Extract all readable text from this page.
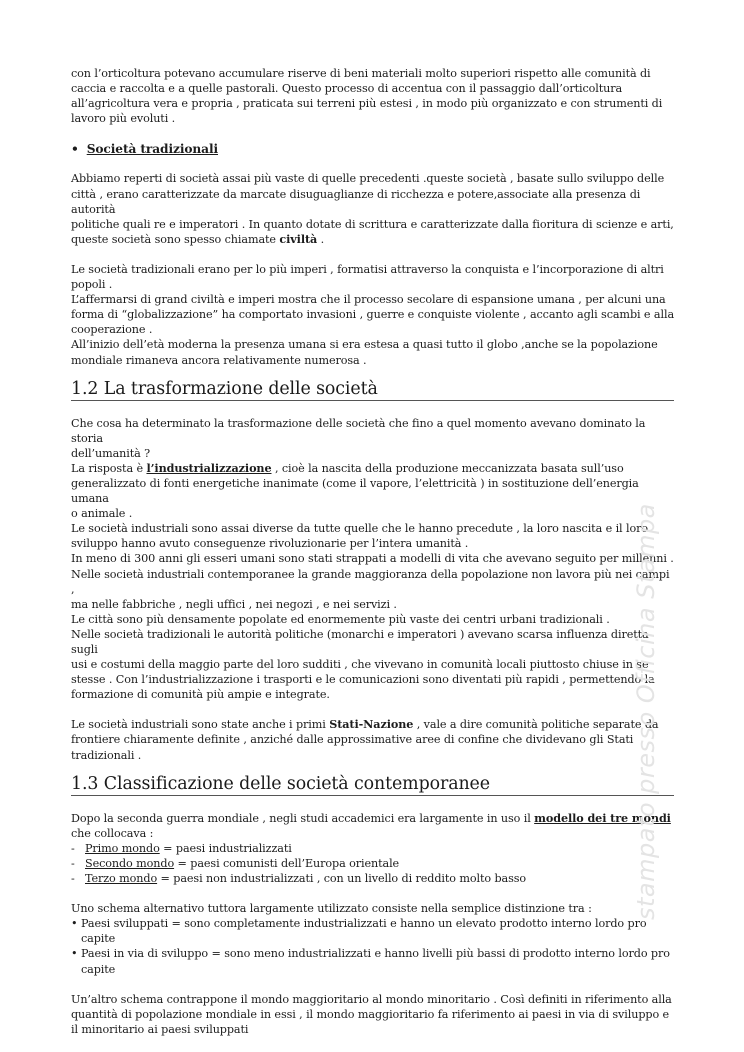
con l’orticoltura potevano accumulare riserve di beni materiali molto superiori rispetto alle comunità di

caccia e raccolta e a quelle pastorali. Questo processo di accentua con il passaggio dall’orticoltura

all’agricoltura vera e propria , praticata sui terreni più estesi , in modo più organizzato e con strumenti di

lavoro più evoluti .

• Società tradizionali

Abbiamo reperti di società assai più vaste di quelle precedenti .queste società , basate sullo sviluppo delle

città , erano caratterizzate da marcate disuguaglianze di ricchezza e potere,associate alla presenza di autorità

politiche quali re e imperatori . In quanto dotate di scrittura e caratterizzate dalla fioritura di scienze e arti,

queste società sono spesso chiamate civiltà .

Le società tradizionali erano per lo più imperi , formatisi attraverso la conquista e l’incorporazione di altri

popoli .

L’affermarsi di grand civiltà e imperi mostra che il processo secolare di espansione umana , per alcuni una

forma di “globalizzazione” ha comportato invasioni , guerre e conquiste violente , accanto agli scambi e alla

cooperazione .

All’inizio dell’età moderna la presenza umana si era estesa a quasi tutto il globo ,anche se la popolazione

mondiale rimaneva ancora relativamente numerosa .

1.2 La trasformazione delle società

Che cosa ha determinato la trasformazione delle società che fino a quel momento avevano dominato la storia

dell’umanità ?

La risposta è l’industrializzazione , cioè la nascita della produzione meccanizzata basata sull’uso

generalizzato di fonti energetiche inanimate (come il vapore, l’elettricità ) in sostituzione dell’energia umana

o animale .

Le società industriali sono assai diverse da tutte quelle che le hanno precedute , la loro nascita e il loro

sviluppo hanno avuto conseguenze rivoluzionarie per l’intera umanità .

In meno di 300 anni gli esseri umani sono stati strappati a modelli di vita che avevano seguito per millenni .

Nelle società industriali contemporanee la grande maggioranza della popolazione non lavora più nei campi ,

ma nelle fabbriche , negli uffici , nei negozi , e nei servizi .

Le città sono più densamente popolate ed enormemente più vaste dei centri urbani tradizionali .

Nelle società tradizionali le autorità politiche (monarchi e imperatori ) avevano scarsa influenza diretta sugli

usi e costumi della maggio parte del loro sudditi , che vivevano in comunità locali piuttosto chiuse in se

stesse . Con l’industrializzazione i trasporti e le comunicazioni sono diventati più rapidi , permettendo la

formazione di comunità più ampie e integrate.

Le società industriali sono state anche i primi Stati-Nazione , vale a dire comunità politiche separate da

frontiere chiaramente definite , anziché dalle approssimative aree di confine che dividevano gli Stati

tradizionali .

1.3 Classificazione delle società contemporanee

Dopo la seconda guerra mondiale , negli studi accademici era largamente in uso il modello dei tre mondi

che collocava :

- Primo mondo = paesi industrializzati
- Secondo mondo = paesi comunisti dell’Europa orientale
- Terzo mondo = paesi non industrializzati , con un livello di reddito molto basso

Uno schema alternativo tuttora largamente utilizzato consiste nella semplice distinzione tra :

• Paesi sviluppati = sono completamente industrializzati e hanno un elevato prodotto interno lordo pro

capite

• Paesi in via di sviluppo = sono meno industrializzati e hanno livelli più bassi di prodotto interno lordo pro

capite

Un’altro schema contrappone il mondo maggioritario al mondo minoritario . Così definiti in riferimento alla

quantità di popolazione mondiale in essi , il mondo maggioritario fa riferimento ai paesi in via di sviluppo e

il minoritario ai paesi sviluppati

stampato presso Officina Stampa
